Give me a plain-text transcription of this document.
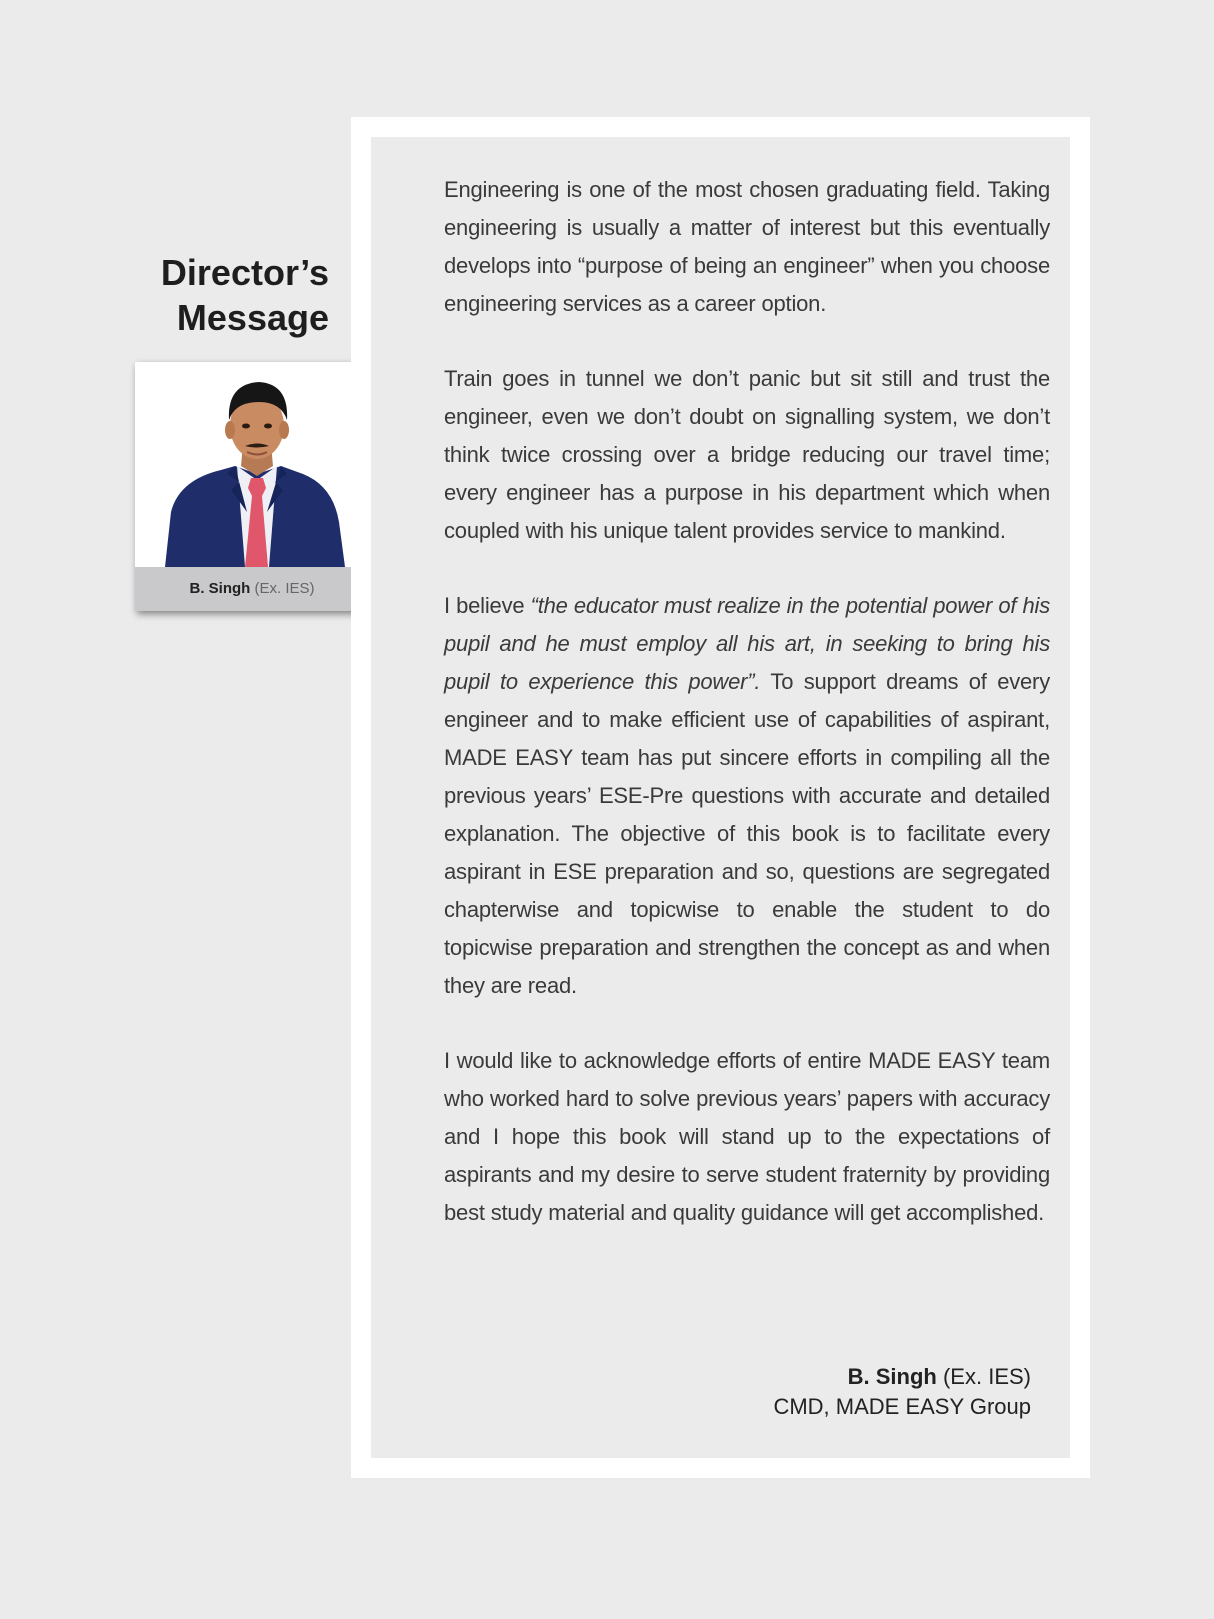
Director’s
Message
B. Singh (Ex. IES)

Engineering is one of the most chosen graduating field. Taking engineering is usually a matter of interest but this eventually develops into “purpose of being an engineer” when you choose engineering services as a career option.

Train goes in tunnel we don’t panic but sit still and trust the engineer, even we don’t doubt on signalling system, we don’t think twice crossing over a bridge reducing our travel time; every engineer has a purpose in his department which when coupled with his unique talent provides service to mankind.

I believe “the educator must realize in the potential power of his pupil and he must employ all his art, in seeking to bring his pupil to experience this power”. To support dreams of every engineer and to make efficient use of capabilities of aspirant, MADE EASY team has put sincere efforts in compiling all the previous years’ ESE-Pre questions with accurate and detailed explanation. The objective of this book is to facilitate every aspirant in ESE preparation and so, questions are segregated chapterwise and topicwise to enable the student to do topicwise preparation and strengthen the concept as and when they are read.

I would like to acknowledge efforts of entire MADE EASY team who worked hard to solve previous years’ papers with accuracy and I hope this book will stand up to the expectations of aspirants and my desire to serve student fraternity by providing best study material and quality guidance will get accomplished.

B. Singh (Ex. IES)
CMD, MADE EASY Group
